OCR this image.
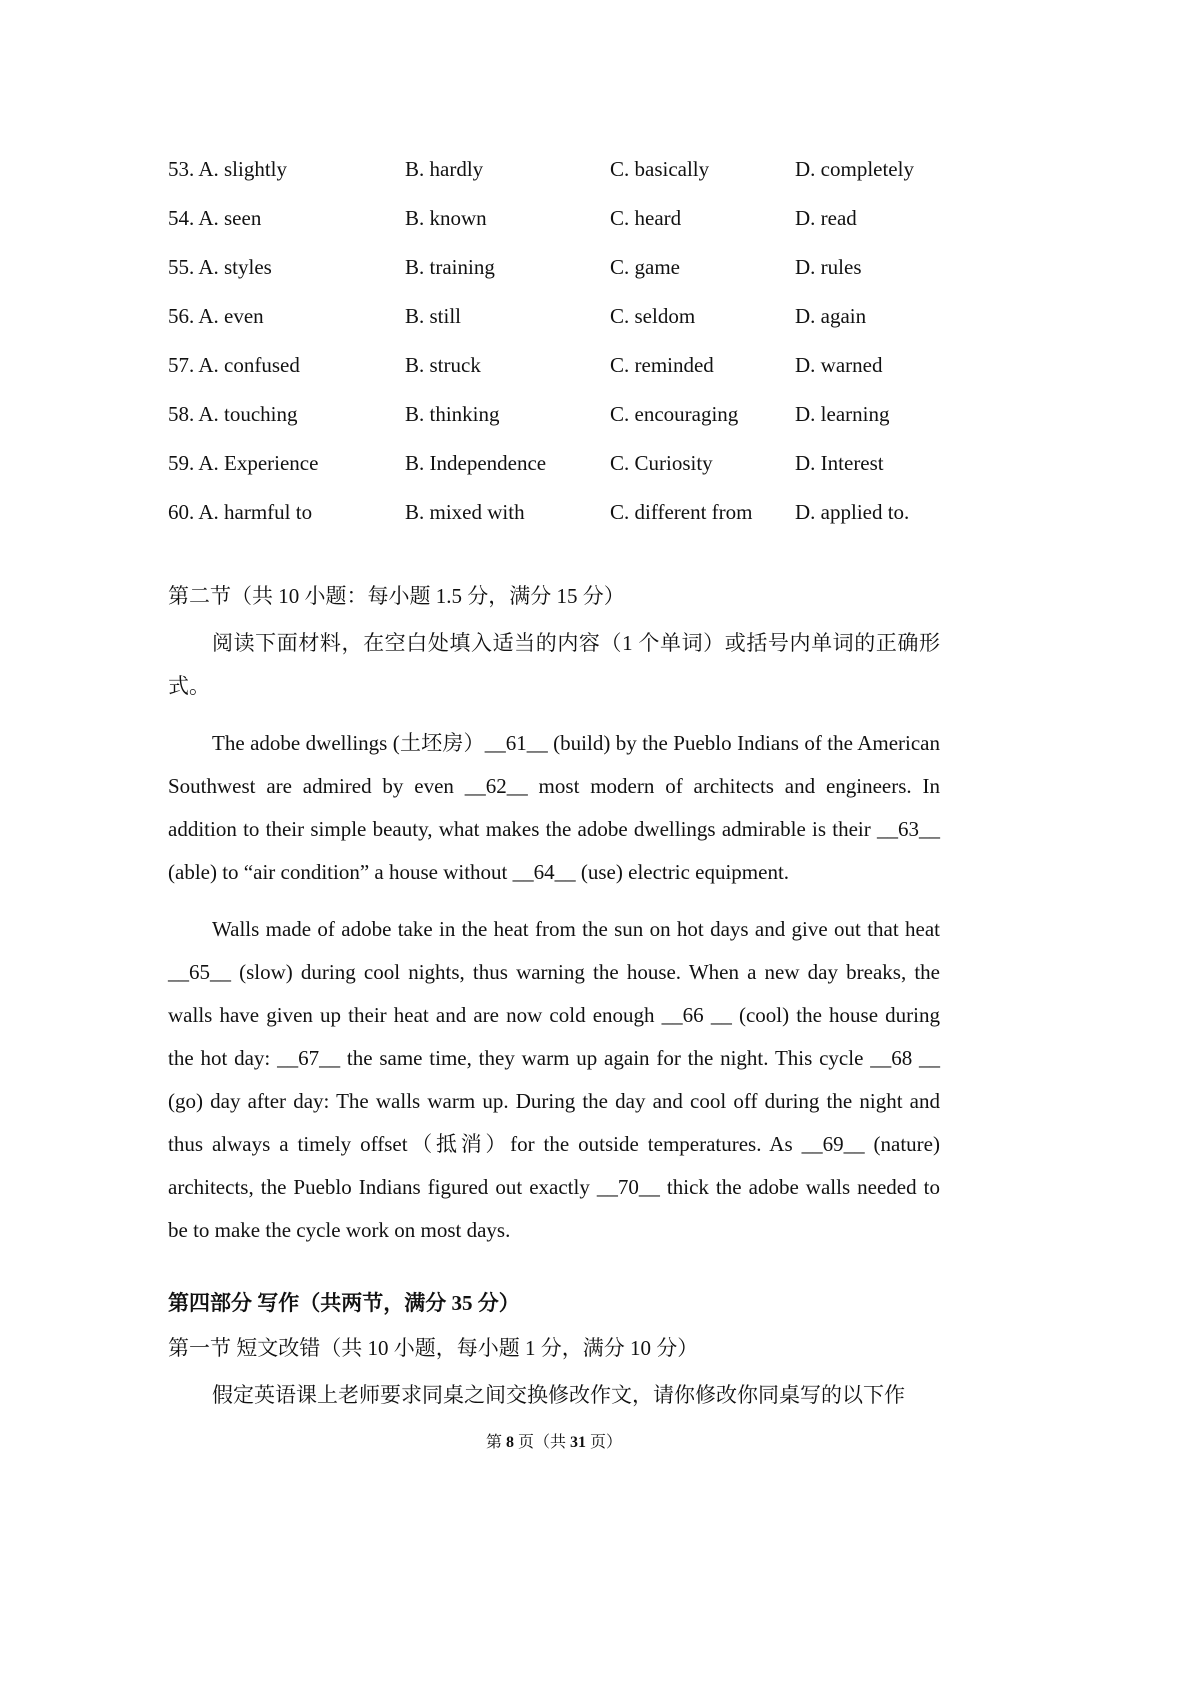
53. A. slightly	B. hardly	C. basically	D. completely
54. A. seen	B. known	C. heard	D. read
55. A. styles	B. training	C. game	D. rules
56. A. even	B. still	C. seldom	D. again
57. A. confused	B. struck	C. reminded	D. warned
58. A. touching	B. thinking	C. encouraging	D. learning
59. A. Experience	B. Independence	C. Curiosity	D. Interest
60. A. harmful to	B. mixed with	C. different from	D. applied to.

第二节（共 10 小题：每小题 1.5 分，满分 15 分）

阅读下面材料，在空白处填入适当的内容（1 个单词）或括号内单词的正确形式。

The adobe dwellings (土坯房）__61__ (build) by the Pueblo Indians of the American Southwest are admired by even __62__ most modern of architects and engineers. In addition to their simple beauty, what makes the adobe dwellings admirable is their __63__ (able) to “air condition” a house without __64__ (use) electric equipment.

Walls made of adobe take in the heat from the sun on hot days and give out that heat __65__ (slow) during cool nights, thus warning the house. When a new day breaks, the walls have given up their heat and are now cold enough __66 __ (cool) the house during the hot day: __67__ the same time, they warm up again for the night. This cycle __68 __ (go) day after day: The walls warm up. During the day and cool off during the night and thus always a timely offset（抵消）for the outside temperatures. As __69__ (nature) architects, the Pueblo Indians figured out exactly __70__ thick the adobe walls needed to be to make the cycle work on most days.

第四部分 写作（共两节，满分 35 分）

第一节 短文改错（共 10 小题，每小题 1 分，满分 10 分）

假定英语课上老师要求同桌之间交换修改作文，请你修改你同桌写的以下作

第 8 页（共 31 页）
